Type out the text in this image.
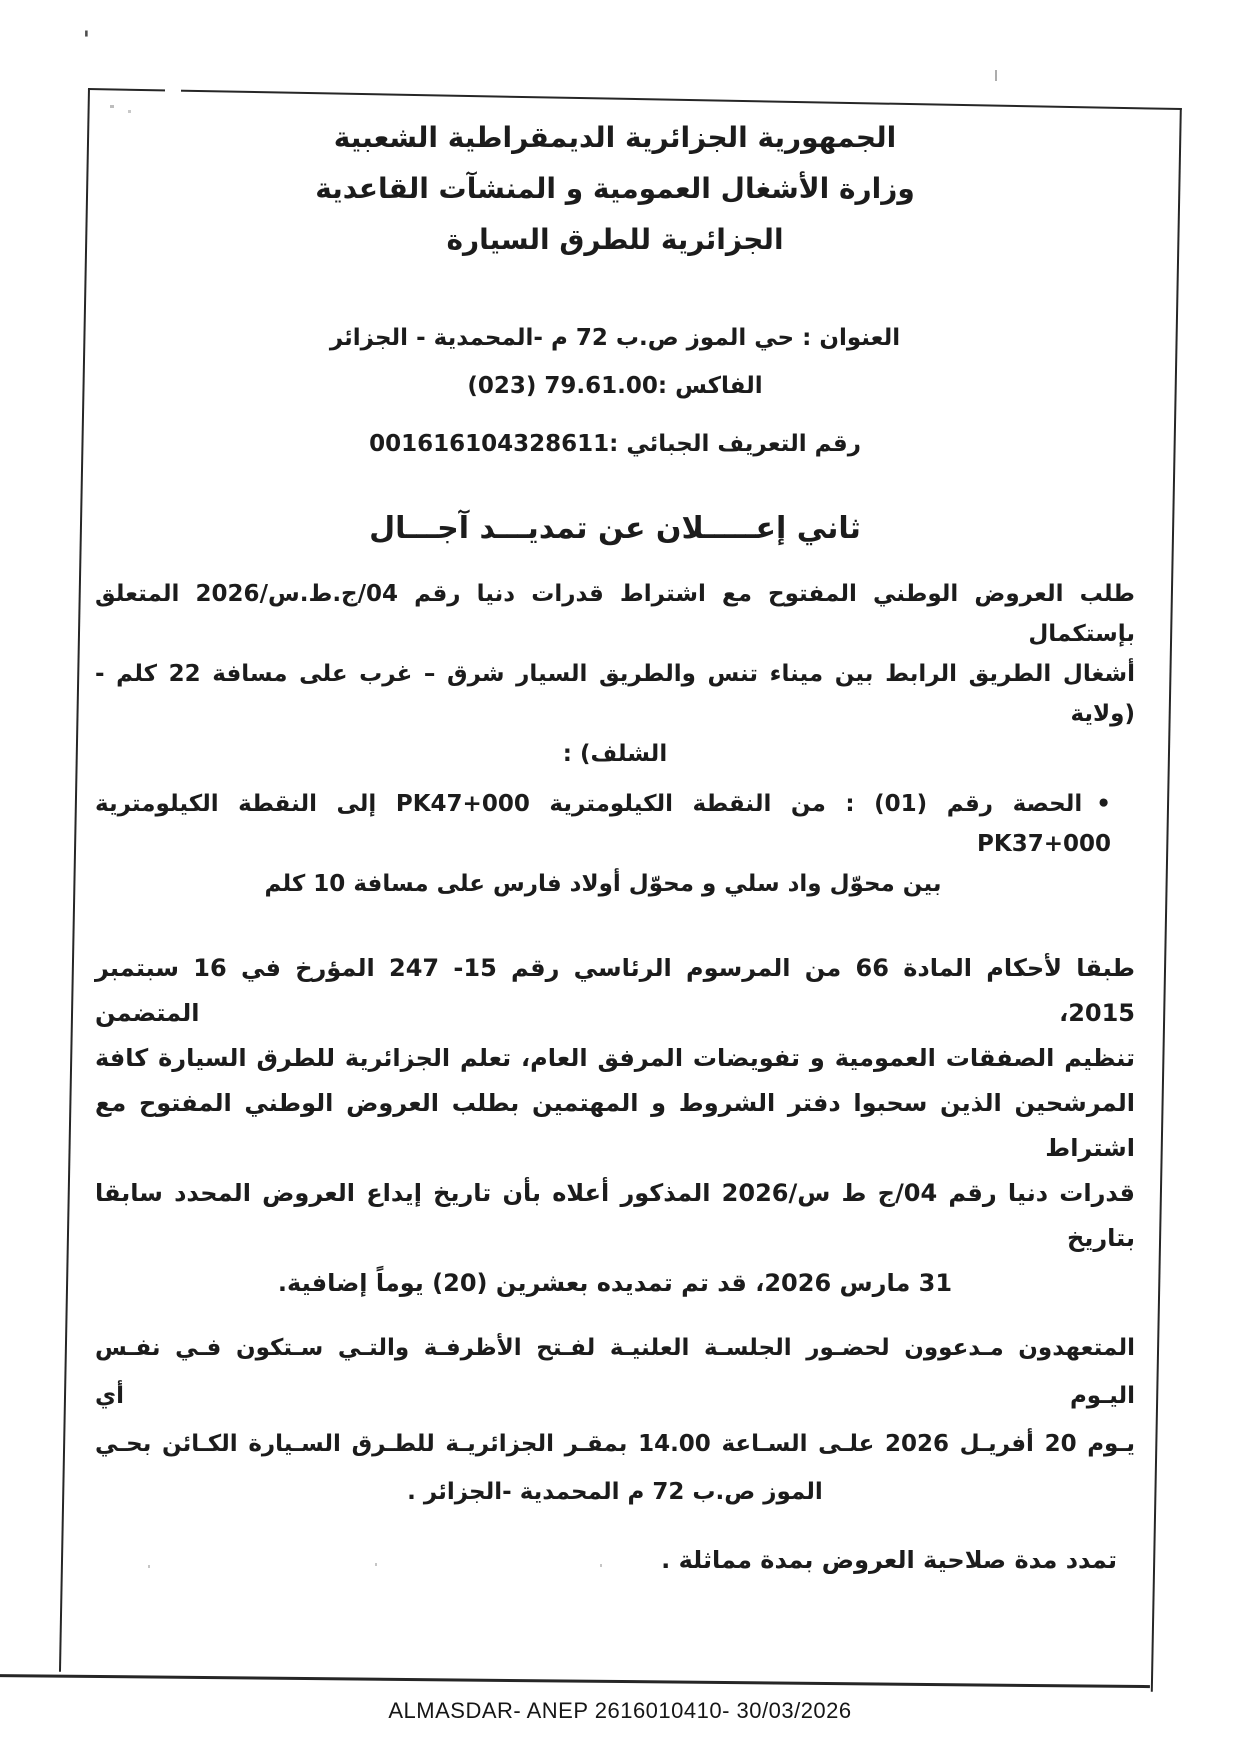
'
الجمهورية الجزائرية الديمقراطية الشعبية
وزارة الأشغال العمومية و المنشآت القاعدية
الجزائرية للطرق السيارة
العنوان : حي الموز ص.ب 72 م -المحمدية - الجزائر
الفاكس :79.61.00 (023)
رقم التعريف الجبائي :001616104328611
ثاني إعـــــلان عن تمديـــد آجـــال
طلب العروض الوطني المفتوح مع اشتراط قدرات دنيا رقم 04/ج.ط.س/2026 المتعلق بإستكمال
أشغال الطريق الرابط بين ميناء تنس والطريق السيار شرق – غرب على مسافة 22 كلم - (ولاية
الشلف) :
•الحصة رقم (01) : من النقطة الكيلومترية PK47+000 إلى النقطة الكيلومترية PK37+000
بين محوّل واد سلي و محوّل أولاد فارس على مسافة 10 كلم
طبقا لأحكام المادة 66 من المرسوم الرئاسي رقم 15- 247 المؤرخ في 16 سبتمبر 2015، المتضمن
تنظيم الصفقات العمومية و تفويضات المرفق العام، تعلم الجزائرية للطرق السيارة كافة
المرشحين الذين سحبوا دفتر الشروط و المهتمين بطلب العروض الوطني المفتوح مع اشتراط
قدرات دنيا رقم 04/ج ط س/2026 المذكور أعلاه بأن تاريخ إيداع العروض المحدد سابقا بتاريخ
31 مارس 2026، قد تم تمديده بعشرين (20) يوماً إضافية.
المتعهدون مـدعوون لحضـور الجلسـة العلنيـة لفـتح الأظرفـة والتـي سـتكون فـي نفـس اليـوم أي
يـوم 20 أفريـل 2026 علـى السـاعة 14.00 بمقـر الجزائريـة للطـرق السـيارة الكـائن بحـي
الموز ص.ب 72 م المحمدية -الجزائر .
تمدد مدة صلاحية العروض بمدة مماثلة .
ALMASDAR- ANEP 2616010410- 30/03/2026
